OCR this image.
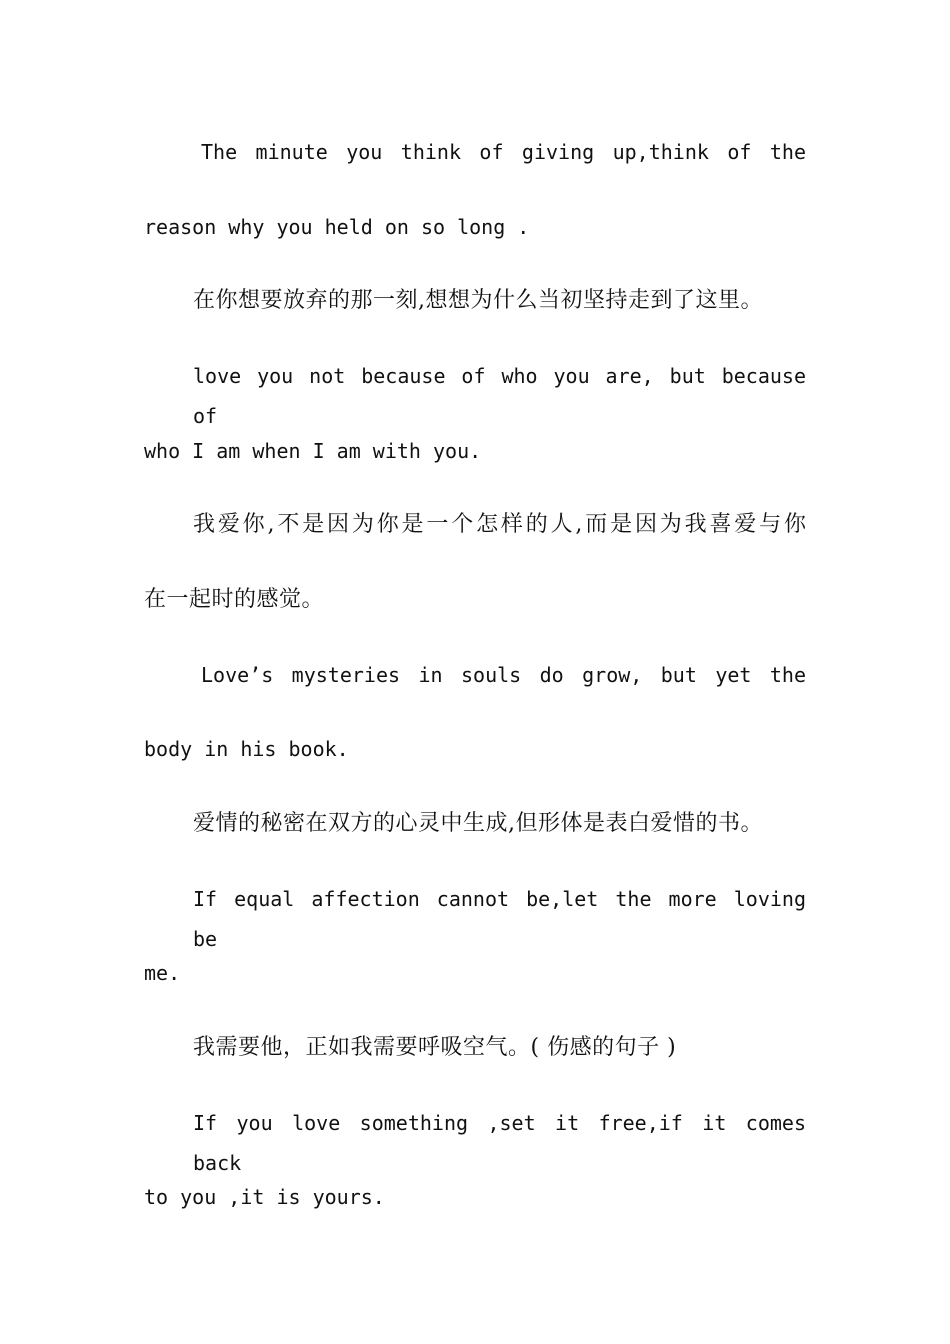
The minute you think of giving up,think of the
reason why you held on so long .
在你想要放弃的那一刻,想想为什么当初坚持走到了这里。
love you not because of who you are, but because of
who I am when I am with you.
我爱你,不是因为你是一个怎样的人,而是因为我喜爱与你
在一起时的感觉。
Love’s mysteries in souls do grow, but yet the
body in his book.
爱情的秘密在双方的心灵中生成,但形体是表白爱惜的书。
If equal affection cannot be,let the more loving be
me.
我需要他，正如我需要呼吸空气。( 伤感的句子 )
If you love something ,set it free,if it comes back
to you ,it is yours.
